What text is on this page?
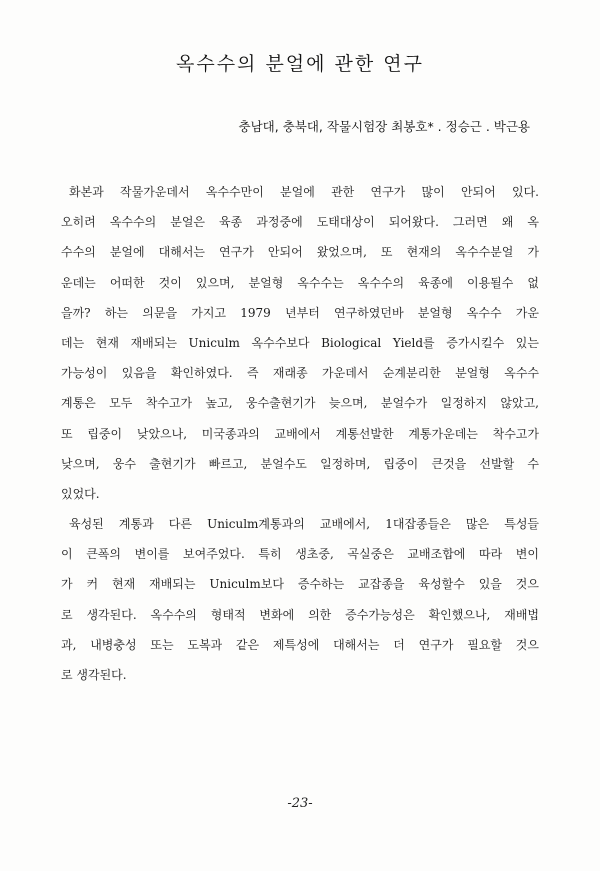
옥수수의 분얼에 관한 연구
충남대, 충북대, 작물시험장 최봉호* . 정승근 . 박근용
화본과 작물가운데서 옥수수만이 분얼에 관한 연구가 많이 안되어 있다.
오히려 옥수수의 분얼은 육종 과정중에 도태대상이 되어왔다. 그러면 왜 옥
수수의 분얼에 대해서는 연구가 안되어 왔었으며, 또 현재의 옥수수분얼 가
운데는 어떠한 것이 있으며, 분얼형 옥수수는 옥수수의 육종에 이용될수 없
을까? 하는 의문을 가지고 1979 년부터 연구하였던바 분얼형 옥수수 가운
데는 현재 재배되는 Uniculm 옥수수보다 Biological Yield를 증가시킬수 있는
가능성이 있음을 확인하였다. 즉 재래종 가운데서 순계분리한 분얼형 옥수수
계통은 모두 착수고가 높고, 웅수출현기가 늦으며, 분얼수가 일정하지 않았고,
또 립중이 낮았으나, 미국종과의 교배에서 계통선발한 계통가운데는 착수고가
낮으며, 웅수 출현기가 빠르고, 분얼수도 일정하며, 립중이 큰것을 선발할 수
있었다.
육성된 계통과 다른 Uniculm계통과의 교배에서, 1대잡종들은 많은 특성들
이 큰폭의 변이를 보여주었다. 특히 생초중, 곡실중은 교배조합에 따라 변이
가 커 현재 재배되는 Uniculm보다 증수하는 교잡종을 육성할수 있을 것으
로 생각된다. 옥수수의 형태적 변화에 의한 증수가능성은 확인했으나, 재배법
과, 내병충성 또는 도복과 같은 제특성에 대해서는 더 연구가 필요할 것으
로 생각된다.
-23-
